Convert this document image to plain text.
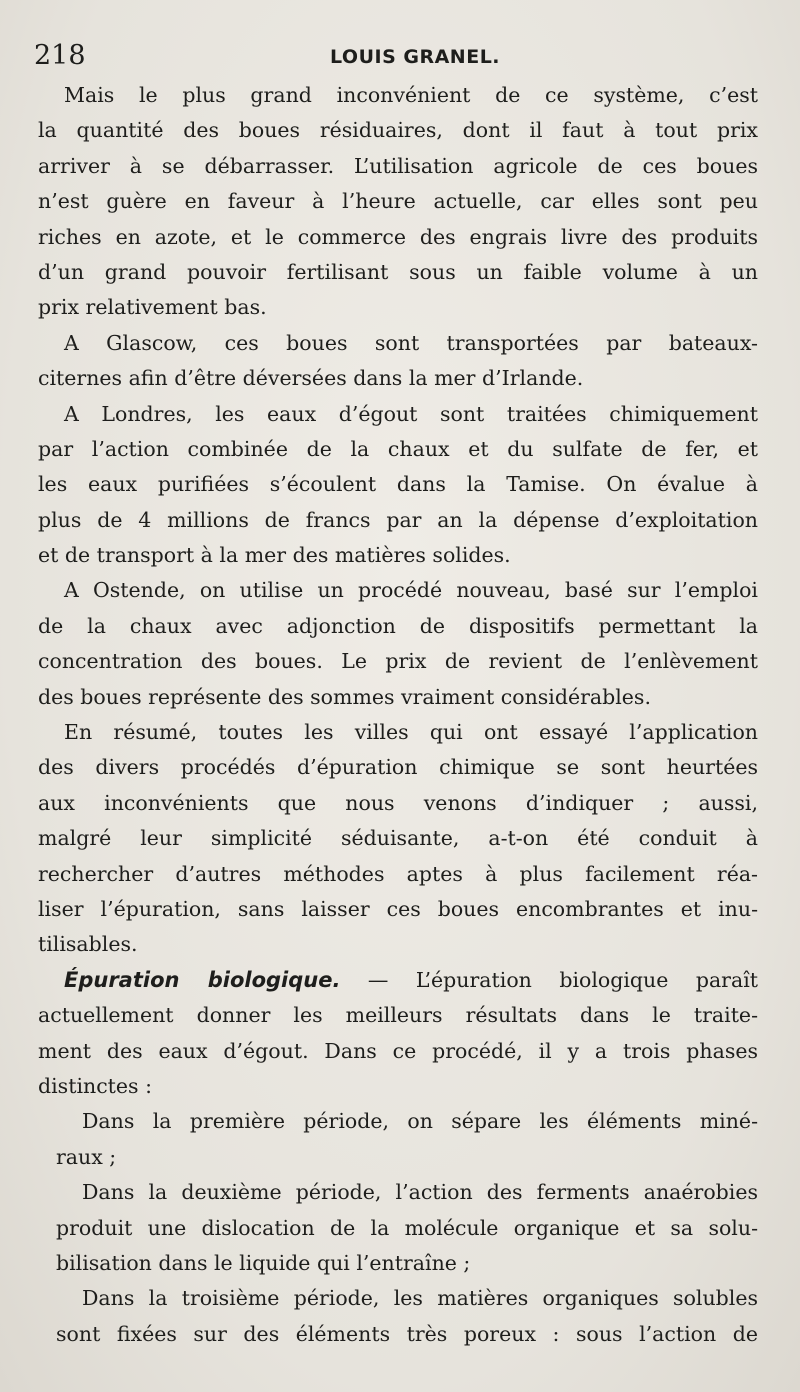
218	LOUIS GRANEL.
Mais le plus grand inconvénient de ce système, c’est
la quantité des boues résiduaires, dont il faut à tout prix
arriver à se débarrasser. L’utilisation agricole de ces boues
n’est guère en faveur à l’heure actuelle, car elles sont peu
riches en azote, et le commerce des engrais livre des produits
d’un grand pouvoir fertilisant sous un faible volume à un
prix relativement bas.
A Glascow, ces boues sont transportées par bateaux-
citernes afin d’être déversées dans la mer d’Irlande.
A Londres, les eaux d’égout sont traitées chimiquement
par l’action combinée de la chaux et du sulfate de fer, et
les eaux purifiées s’écoulent dans la Tamise. On évalue à
plus de 4 millions de francs par an la dépense d’exploitation
et de transport à la mer des matières solides.
A Ostende, on utilise un procédé nouveau, basé sur l’emploi
de la chaux avec adjonction de dispositifs permettant la
concentration des boues. Le prix de revient de l’enlèvement
des boues représente des sommes vraiment considérables.
En résumé, toutes les villes qui ont essayé l’application
des divers procédés d’épuration chimique se sont heurtées
aux inconvénients que nous venons d’indiquer ; aussi,
malgré leur simplicité séduisante, a-t-on été conduit à
rechercher d’autres méthodes aptes à plus facilement réa-
liser l’épuration, sans laisser ces boues encombrantes et inu-
tilisables.
Épuration biologique. — L’épuration biologique paraît
actuellement donner les meilleurs résultats dans le traite-
ment des eaux d’égout. Dans ce procédé, il y a trois phases
distinctes :
Dans la première période, on sépare les éléments miné-
raux ;
Dans la deuxième période, l’action des ferments anaérobies
produit une dislocation de la molécule organique et sa solu-
bilisation dans le liquide qui l’entraîne ;
Dans la troisième période, les matières organiques solubles
sont fixées sur des éléments très poreux : sous l’action de
